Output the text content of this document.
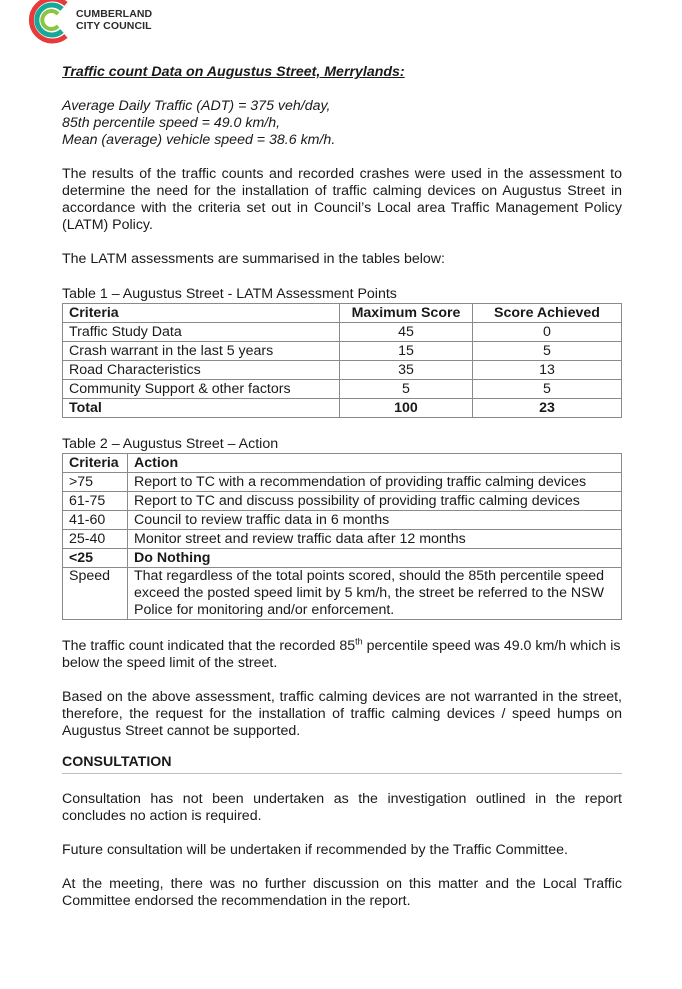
CUMBERLAND
CITY COUNCIL

Traffic count Data on Augustus Street, Merrylands:

Average Daily Traffic (ADT) = 375 veh/day,

85th percentile speed = 49.0 km/h,

Mean (average) vehicle speed = 38.6 km/h.

The results of the traffic counts and recorded crashes were used in the assessment to determine the need for the installation of traffic calming devices on Augustus Street in accordance with the criteria set out in Council’s Local area Traffic Management Policy (LATM) Policy.

The LATM assessments are summarised in the tables below:

Table 1 – Augustus Street - LATM Assessment Points

Criteria	Maximum Score	Score Achieved
Traffic Study Data	45	0
Crash warrant in the last 5 years	15	5
Road Characteristics	35	13
Community Support & other factors	5	5
Total	100	23

Table 2 – Augustus Street – Action

Criteria	Action
>75	Report to TC with a recommendation of providing traffic calming devices
61-75	Report to TC and discuss possibility of providing traffic calming devices
41-60	Council to review traffic data in 6 months
25-40	Monitor street and review traffic data after 12 months
<25	Do Nothing
Speed	That regardless of the total points scored, should the 85th percentile speed exceed the posted speed limit by 5 km/h, the street be referred to the NSW Police for monitoring and/or enforcement.

The traffic count indicated that the recorded 85th percentile speed was 49.0 km/h which is below the speed limit of the street.

Based on the above assessment, traffic calming devices are not warranted in the street, therefore, the request for the installation of traffic calming devices / speed humps on Augustus Street cannot be supported.

CONSULTATION

Consultation has not been undertaken as the investigation outlined in the report concludes no action is required.

Future consultation will be undertaken if recommended by the Traffic Committee.

At the meeting, there was no further discussion on this matter and the Local Traffic Committee endorsed the recommendation in the report.
